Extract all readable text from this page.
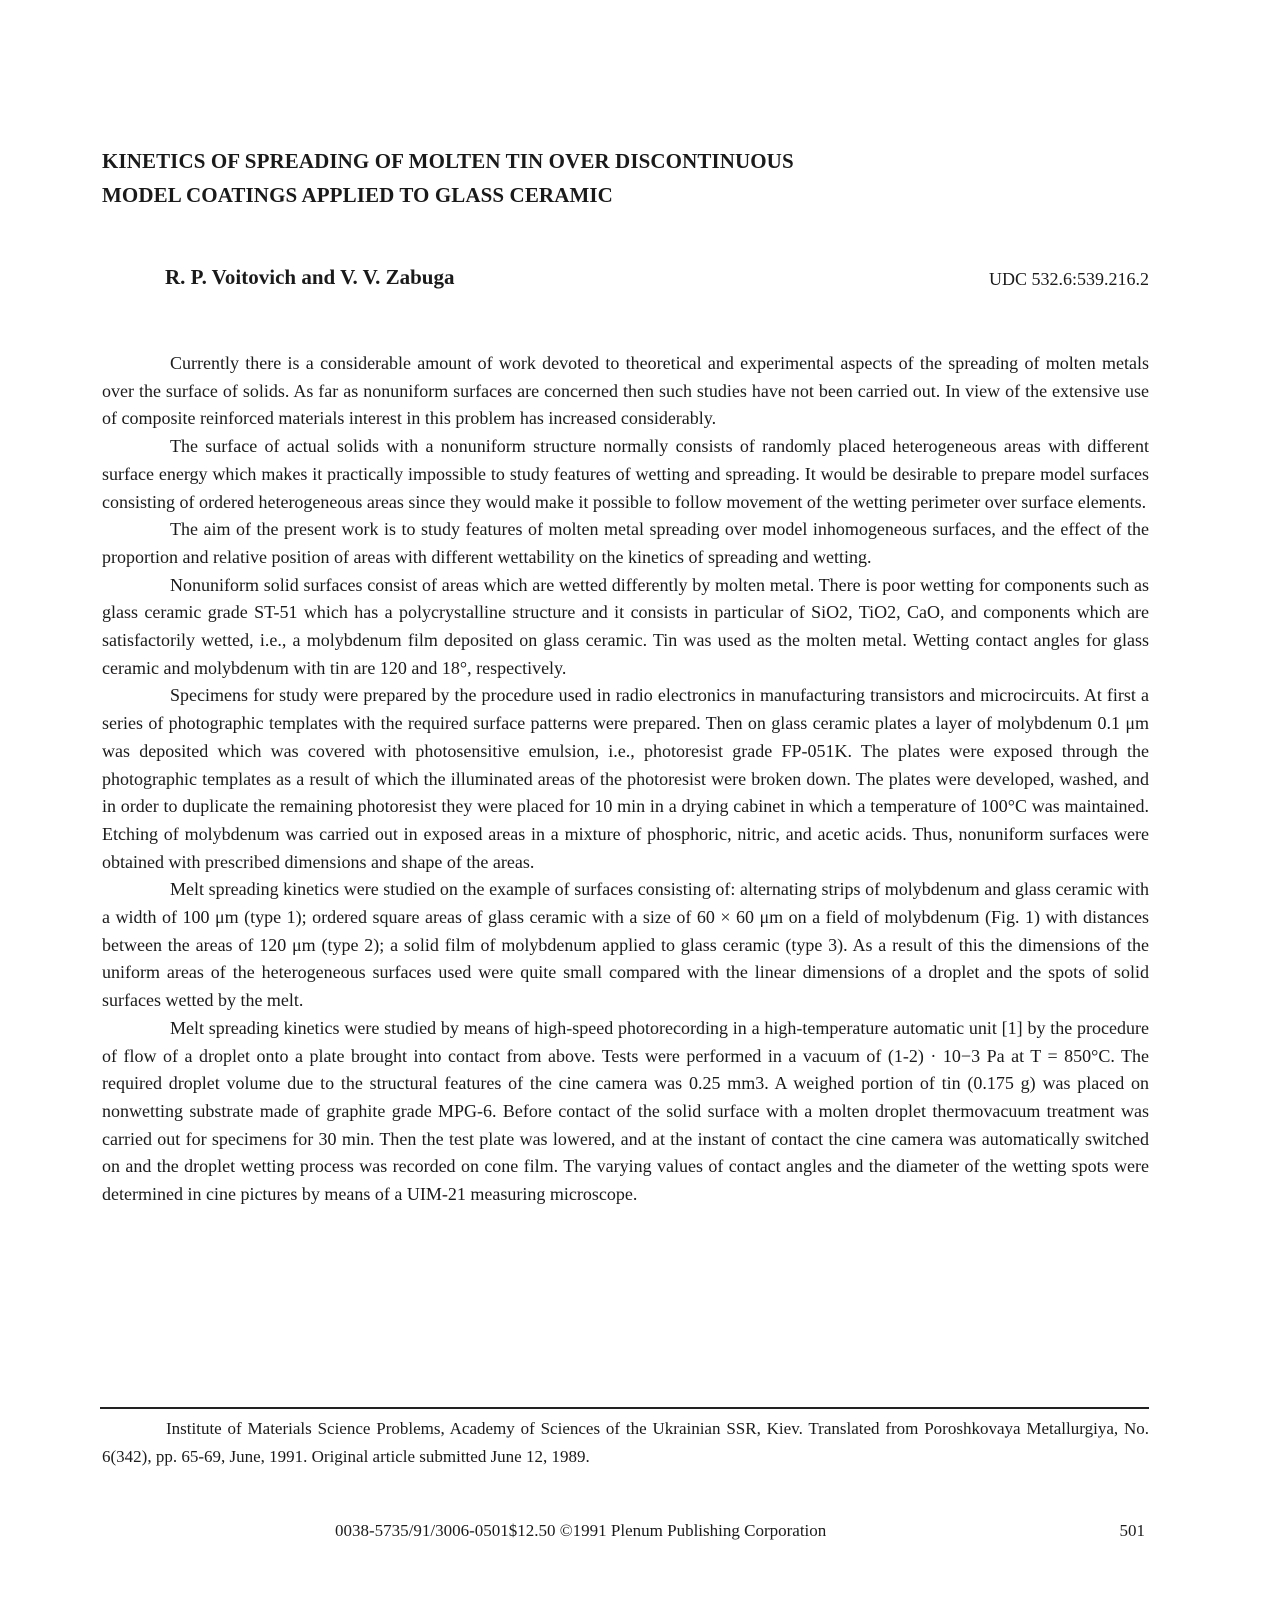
KINETICS OF SPREADING OF MOLTEN TIN OVER DISCONTINUOUS
MODEL COATINGS APPLIED TO GLASS CERAMIC
R. P. Voitovich and V. V. Zabuga	UDC 532.6:539.216.2

Currently there is a considerable amount of work devoted to theoretical and experimental aspects of the spreading of molten metals over the surface of solids. As far as nonuniform surfaces are concerned then such studies have not been carried out. In view of the extensive use of composite reinforced materials interest in this problem has increased considerably.

The surface of actual solids with a nonuniform structure normally consists of randomly placed heterogeneous areas with different surface energy which makes it practically impossible to study features of wetting and spreading. It would be desirable to prepare model surfaces consisting of ordered heterogeneous areas since they would make it possible to follow movement of the wetting perimeter over surface elements.

The aim of the present work is to study features of molten metal spreading over model inhomogeneous surfaces, and the effect of the proportion and relative position of areas with different wettability on the kinetics of spreading and wetting.

Nonuniform solid surfaces consist of areas which are wetted differently by molten metal. There is poor wetting for components such as glass ceramic grade ST-51 which has a polycrystalline structure and it consists in particular of SiO2, TiO2, CaO, and components which are satisfactorily wetted, i.e., a molybdenum film deposited on glass ceramic. Tin was used as the molten metal. Wetting contact angles for glass ceramic and molybdenum with tin are 120 and 18°, respectively.

Specimens for study were prepared by the procedure used in radio electronics in manufacturing transistors and microcircuits. At first a series of photographic templates with the required surface patterns were prepared. Then on glass ceramic plates a layer of molybdenum 0.1 μm was deposited which was covered with photosensitive emulsion, i.e., photoresist grade FP-051K. The plates were exposed through the photographic templates as a result of which the illuminated areas of the photoresist were broken down. The plates were developed, washed, and in order to duplicate the remaining photoresist they were placed for 10 min in a drying cabinet in which a temperature of 100°C was maintained. Etching of molybdenum was carried out in exposed areas in a mixture of phosphoric, nitric, and acetic acids. Thus, nonuniform surfaces were obtained with prescribed dimensions and shape of the areas.

Melt spreading kinetics were studied on the example of surfaces consisting of: alternating strips of molybdenum and glass ceramic with a width of 100 μm (type 1); ordered square areas of glass ceramic with a size of 60 × 60 μm on a field of molybdenum (Fig. 1) with distances between the areas of 120 μm (type 2); a solid film of molybdenum applied to glass ceramic (type 3). As a result of this the dimensions of the uniform areas of the heterogeneous surfaces used were quite small compared with the linear dimensions of a droplet and the spots of solid surfaces wetted by the melt.

Melt spreading kinetics were studied by means of high-speed photorecording in a high-temperature automatic unit [1] by the procedure of flow of a droplet onto a plate brought into contact from above. Tests were performed in a vacuum of (1-2) · 10−3 Pa at T = 850°C. The required droplet volume due to the structural features of the cine camera was 0.25 mm3. A weighed portion of tin (0.175 g) was placed on nonwetting substrate made of graphite grade MPG-6. Before contact of the solid surface with a molten droplet thermovacuum treatment was carried out for specimens for 30 min. Then the test plate was lowered, and at the instant of contact the cine camera was automatically switched on and the droplet wetting process was recorded on cone film. The varying values of contact angles and the diameter of the wetting spots were determined in cine pictures by means of a UIM-21 measuring microscope.

Institute of Materials Science Problems, Academy of Sciences of the Ukrainian SSR, Kiev. Translated from Poroshkovaya Metallurgiya, No. 6(342), pp. 65-69, June, 1991. Original article submitted June 12, 1989.

0038-5735/91/3006-0501$12.50 ©1991 Plenum Publishing Corporation	501
